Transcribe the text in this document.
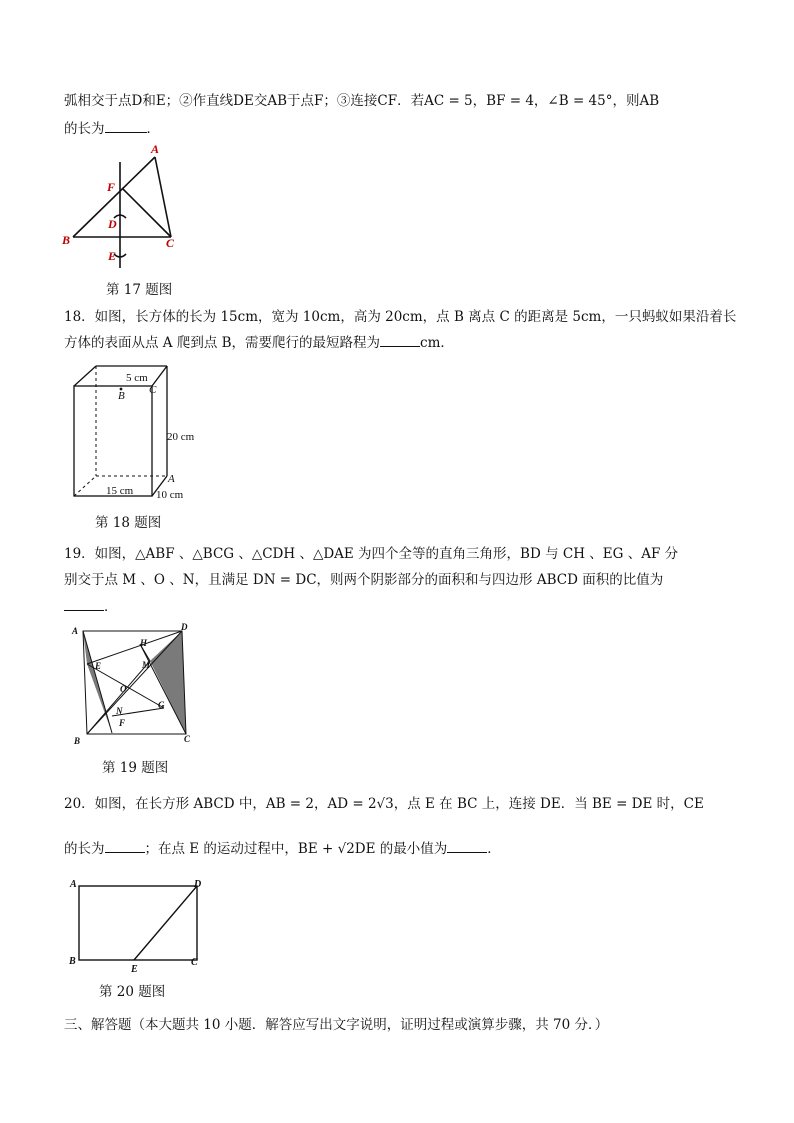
弧相交于点D和E；②作直线DE交AB于点F；③连接CF．若AC = 5，BF = 4，∠B = 45°，则AB
的长为	．
A
F
D
B	C
E
第 17 题图
18．如图，长方体的长为 15cm，宽为 10cm，高为 20cm，点 B 离点 C 的距离是 5cm，一只蚂蚁如果沿着长
方体的表面从点 A 爬到点 B，需要爬行的最短路程为	cm．
5 cm
B C
20 cm
A
15 cm 10 cm
第 18 题图
19．如图，△ABF 、△BCG 、△CDH 、△DAE 为四个全等的直角三角形，BD 与 CH 、EG 、AF 分
别交于点 M 、O 、N，且满足 DN = DC，则两个阴影部分的面积和与四边形 ABCD 面积的比值为
．
A	D
H
E	M
O
N
G
F
B	C
第 19 题图
20．如图，在长方形 ABCD 中，AB = 2，AD = 2√3，点 E 在 BC 上，连接 DE．当 BE = DE 时，CE
的长为	；在点 E 的运动过程中，BE + √2DE 的最小值为	．
A	D
B
E
C
第 20 题图
三、解答题（本大题共 10 小题．解答应写出文字说明，证明过程或演算步骤，共 70 分．）
